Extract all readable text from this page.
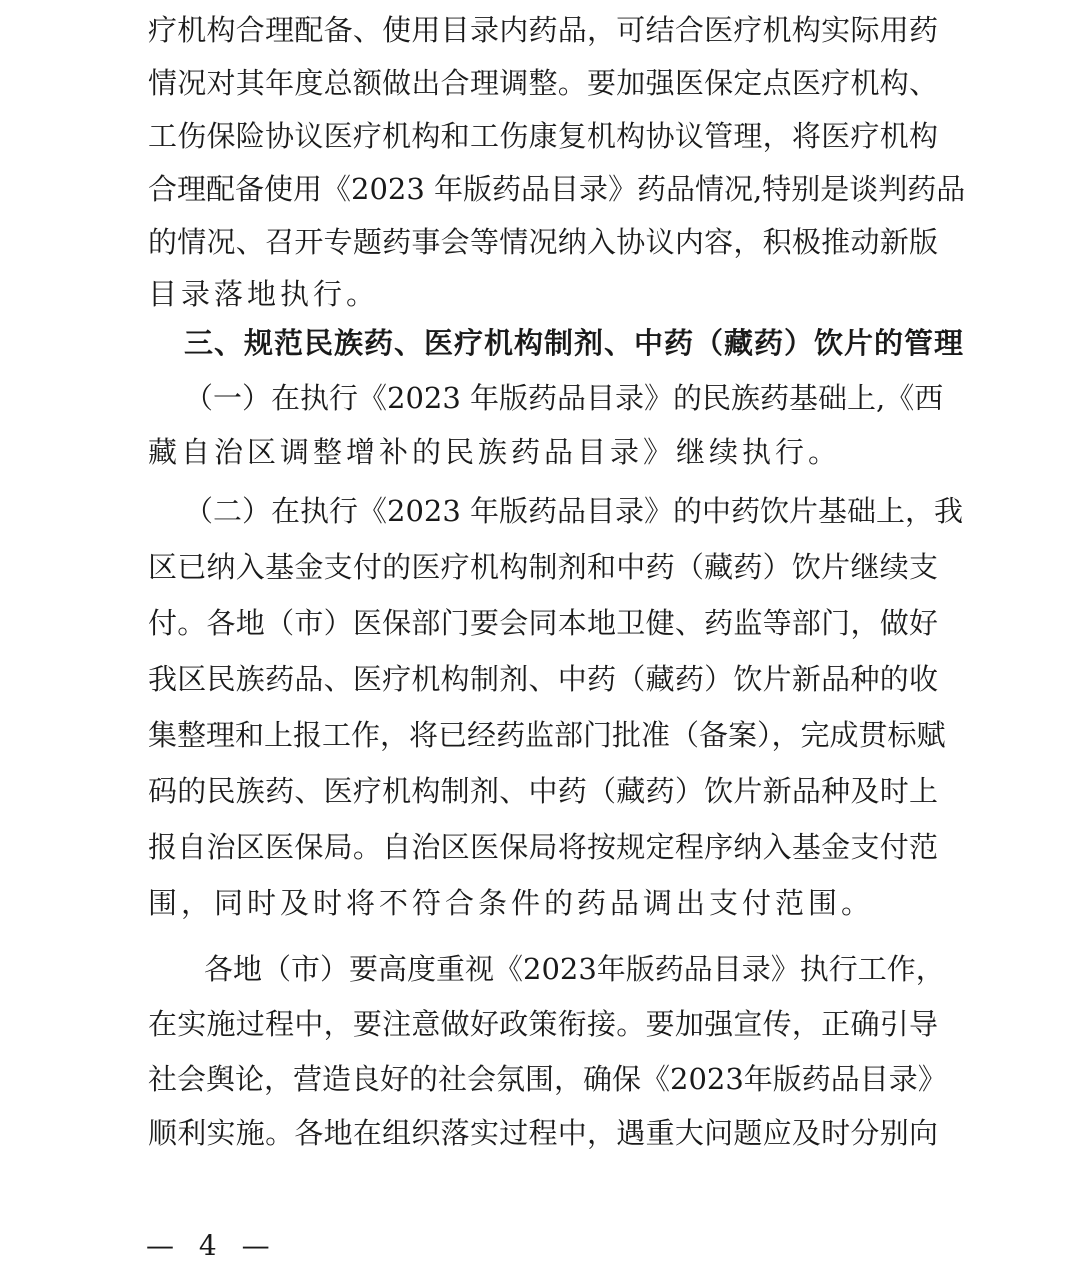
疗机构合理配备、使用目录内药品，可结合医疗机构实际用药
情况对其年度总额做出合理调整。要加强医保定点医疗机构、
工伤保险协议医疗机构和工伤康复机构协议管理，将医疗机构
合理配备使用《2023 年版药品目录》药品情况,特别是谈判药品
的情况、召开专题药事会等情况纳入协议内容，积极推动新版
目录落地执行。
三、规范民族药、医疗机构制剂、中药（藏药）饮片的管理
（一）在执行《2023 年版药品目录》的民族药基础上,《西
藏自治区调整增补的民族药品目录》继续执行。
（二）在执行《2023 年版药品目录》的中药饮片基础上，我
区已纳入基金支付的医疗机构制剂和中药（藏药）饮片继续支
付。各地（市）医保部门要会同本地卫健、药监等部门，做好
我区民族药品、医疗机构制剂、中药（藏药）饮片新品种的收
集整理和上报工作，将已经药监部门批准（备案），完成贯标赋
码的民族药、医疗机构制剂、中药（藏药）饮片新品种及时上
报自治区医保局。自治区医保局将按规定程序纳入基金支付范
围，同时及时将不符合条件的药品调出支付范围。
各地（市）要高度重视《2023年版药品目录》执行工作，
在实施过程中，要注意做好政策衔接。要加强宣传，正确引导
社会舆论，营造良好的社会氛围，确保《2023年版药品目录》
顺利实施。各地在组织落实过程中，遇重大问题应及时分别向
— 4 —
